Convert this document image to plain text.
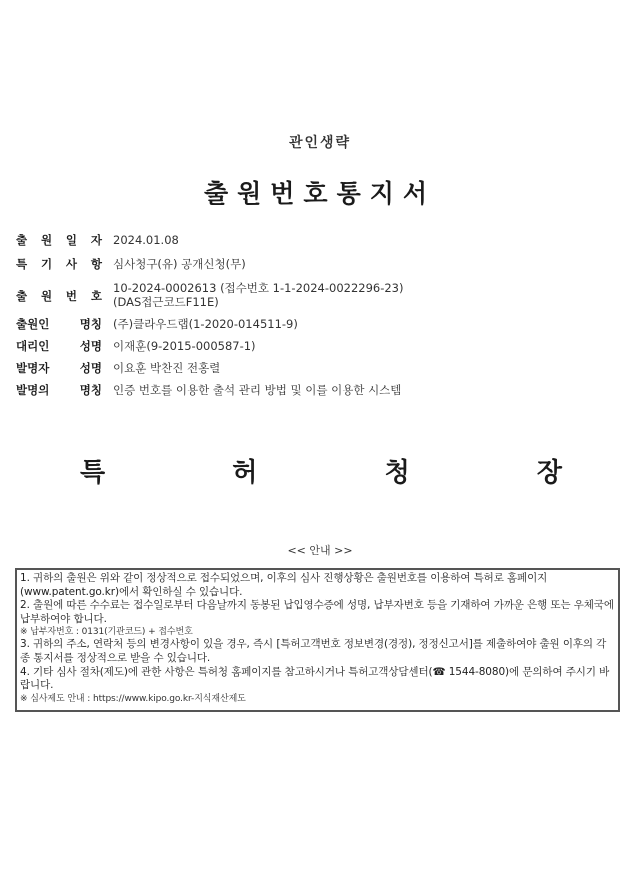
관인생략
출원번호통지서
출 원 일 자 2024.01.08
특 기 사 항 심사청구(유) 공개신청(무)
출 원 번 호
10-2024-0002613 (접수번호 1-1-2024-0022296-23)
(DAS접근코드F11E)
출원인	명칭 (주)클라우드랩(1-2020-014511-9)
대리인	성명 이재훈(9-2015-000587-1)
발명자	성명 이요훈 박찬진 전홍렬
발명의	명칭 인증 번호를 이용한 출석 관리 방법 및 이를 이용한 시스템
특	허	청	장
<< 안내 >>
1. 귀하의 출원은 위와 같이 정상적으로 접수되었으며, 이후의 심사 진행상황은 출원번호를 이용하여 특허로 홈페이지(www.patent.go.kr)에서 확인하실 수 있습니다.
2. 출원에 따른 수수료는 접수일로부터 다음날까지 동봉된 납입영수증에 성명, 납부자번호 등을 기재하여 가까운 은행 또는 우체국에 납부하여야 합니다.
※ 납부자번호 : 0131(기관코드) + 접수번호
3. 귀하의 주소, 연락처 등의 변경사항이 있을 경우, 즉시 [특허고객번호 정보변경(경정), 정정신고서]를 제출하여야 출원 이후의 각종 통지서를 정상적으로 받을 수 있습니다.
4. 기타 심사 절차(제도)에 관한 사항은 특허청 홈페이지를 참고하시거나 특허고객상담센터(☎ 1544-8080)에 문의하여 주시기 바랍니다.
※ 심사제도 안내 : https://www.kipo.go.kr-지식재산제도
